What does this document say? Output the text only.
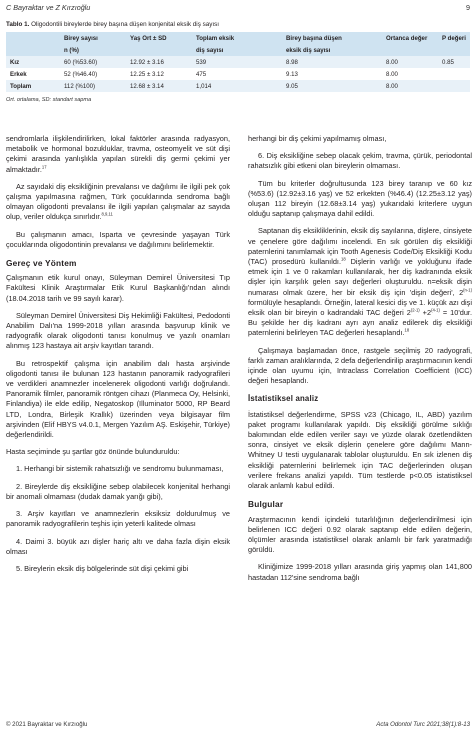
C Bayraktar ve Z Kırzıoğlu	9
Tablo 1. Oligodontili bireylerde birey başına düşen konjenital eksik diş sayısı
	Birey sayısı	Yaş Ort ± SD	Toplam eksik	Birey başına düşen	Ortanca değer	P değeri
	n (%)		diş sayısı	eksik diş sayısı		
Kız	60 (%53.60)	12.92 ± 3.16	539	8.98	8.00	0.85
Erkek	52 (%46.40)	12.25 ± 3.12	475	9.13	8.00	
Toplam	112 (%100)	12.68 ± 3.14	1,014	9.05	8.00	
Ort. ortalama, SD: standart sapma

sendromlarla ilişkilendirilirken, lokal faktörler arasında radyasyon, metabolik ve hormonal bozukluklar, travma, osteomyelit ve süt dişi çekimi arasında yanlışlıkla yapılan sürekli diş germi çekimi yer almaktadır.$^{17}$

Az sayıdaki diş eksikliğinin prevalansı ve dağılımı ile ilgili pek çok çalışma yapılmasına rağmen, Türk çocuklarında sendroma bağlı olmayan oligodonti prevalansı ile ilgili yapılan çalışmalar az sayıda olup, veriler oldukça sınırlıdır.$^{8,9,11}$

Bu çalışmanın amacı, Isparta ve çevresinde yaşayan Türk çocuklarında oligodontinin prevalansı ve dağılımını belirlemektir.

Gereç ve Yöntem

Çalışmanın etik kurul onayı, Süleyman Demirel Üniversitesi Tıp Fakültesi Klinik Araştırmalar Etik Kurul Başkanlığı'ndan alındı (18.04.2018 tarih ve 99 sayılı karar).

Süleyman Demirel Üniversitesi Diş Hekimliği Fakültesi, Pedodonti Anabilim Dalı'na 1999-2018 yılları arasında başvurup klinik ve radyografik olarak oligodonti tanısı konulmuş ve yazılı onamları alınmış 123 hastaya ait arşiv kayıtları tarandı.

Bu retrospektif çalışma için anabilim dalı hasta arşivinde oligodonti tanısı ile bulunan 123 hastanın panoramik radyografileri ve verdikleri anamnezler incelenerek oligodonti varlığı doğrulandı. Panoramik filmler, panoramik röntgen cihazı (Planmeca Oy, Helsinki, Finlandiya) ile elde edilip, Negatoskop (Illuminator 5000, RP Beard LTD, Londra, Birleşik Krallık) üzerinden veya bilgisayar film arşivinden (Elif HBYS v4.0.1, Mergen Yazılım AŞ. Eskişehir, Türkiye) değerlendirildi.

Hasta seçiminde şu şartlar göz önünde bulunduruldu:

1. Herhangi bir sistemik rahatsızlığı ve sendromu bulunmaması,

2. Bireylerde diş eksikliğine sebep olabilecek konjenital herhangi bir anomali olmaması (dudak damak yarığı gibi),

3. Arşiv kayıtları ve anamnezlerin eksiksiz doldurulmuş ve panoramik radyografilerin teşhis için yeterli kalitede olması

4. Daimi 3. büyük azı dişler hariç altı ve daha fazla dişin eksik olması

5. Bireylerin eksik diş bölgelerinde süt dişi çekimi gibi

herhangi bir diş çekimi yapılmamış olması,

6. Diş eksikliğine sebep olacak çekim, travma, çürük, periodontal rahatsızlık gibi etkeni olan bireylerin olmaması.

Tüm bu kriterler doğrultusunda 123 birey taranıp ve 60 kız (%53.6) (12.92±3.16 yaş) ve 52 erkekten (%46.4) (12.25±3.12 yaş) oluşan 112 bireyin (12.68±3.14 yaş) yukarıdaki kriterlere uygun olduğu saptanıp çalışmaya dahil edildi.

Saptanan diş eksikliklerinin, eksik diş sayılarına, dişlere, cinsiyete ve çenelere göre dağılımı incelendi. En sık görülen diş eksikliği paternlerini tanımlamak için Tooth Agenesis Code/Diş Eksikliği Kodu (TAC) prosedürü kullanıldı.$^{18}$ Dişlerin varlığı ve yokluğunu ifade etmek için 1 ve 0 rakamları kullanılarak, her diş kadranında eksik dişler için karşılık gelen sayı değerleri oluşturuldu. n=eksik dişin numarası olmak üzere, her bir eksik diş için 'dişin değeri', 2$^{(n-1)}$ formülüyle hesaplandı. Örneğin, lateral kesici diş ve 1. küçük azı dişi eksik olan bir bireyin o kadrandaki TAC değeri $2^{(2-1)} +2^{(4-1)} = 10'dur$. Bu şekilde her diş kadranı ayrı ayrı analiz edilerek diş eksikliği paternlerini belirleyen TAC değerleri hesaplandı.$^{18}$

Çalışmaya başlamadan önce, rastgele seçilmiş 20 radyografi, farklı zaman aralıklarında, 2 defa değerlendirilip araştırmacının kendi içinde olan uyumu için, Intraclass Correlation Coefficient (ICC) değeri hesaplandı.

İstatistiksel analiz

İstatistiksel değerlendirme, SPSS v23 (Chicago, IL, ABD) yazılım paket programı kullanılarak yapıldı. Diş eksikliği görülme sıklığı bakımından elde edilen veriler sayı ve yüzde olarak özetlendikten sonra, cinsiyet ve eksik dişlerin çenelere göre dağılımı Mann-Whitney U testi uygulanarak tablolar oluşturuldu. En sık izlenen diş eksikliği paternlerini belirlemek için TAC değerlerinden oluşan verilere frekans analizi yapıldı. Tüm testlerde p<0.05 istatistiksel olarak anlamlı kabul edildi.

Bulgular

Araştırmacının kendi içindeki tutarlılığının değerlendirilmesi için belirlenen ICC değeri 0.92 olarak saptanıp elde edilen değerin, ölçümler arasında istatistiksel olarak anlamlı bir fark yaratmadığı görüldü.

Kliniğimize 1999-2018 yılları arasında giriş yapmış olan 141,800 hastadan 112'sine sendroma bağlı

© 2021 Bayraktar ve Kırzıoğlu	Acta Odontol Turc 2021;38(1):8-13
